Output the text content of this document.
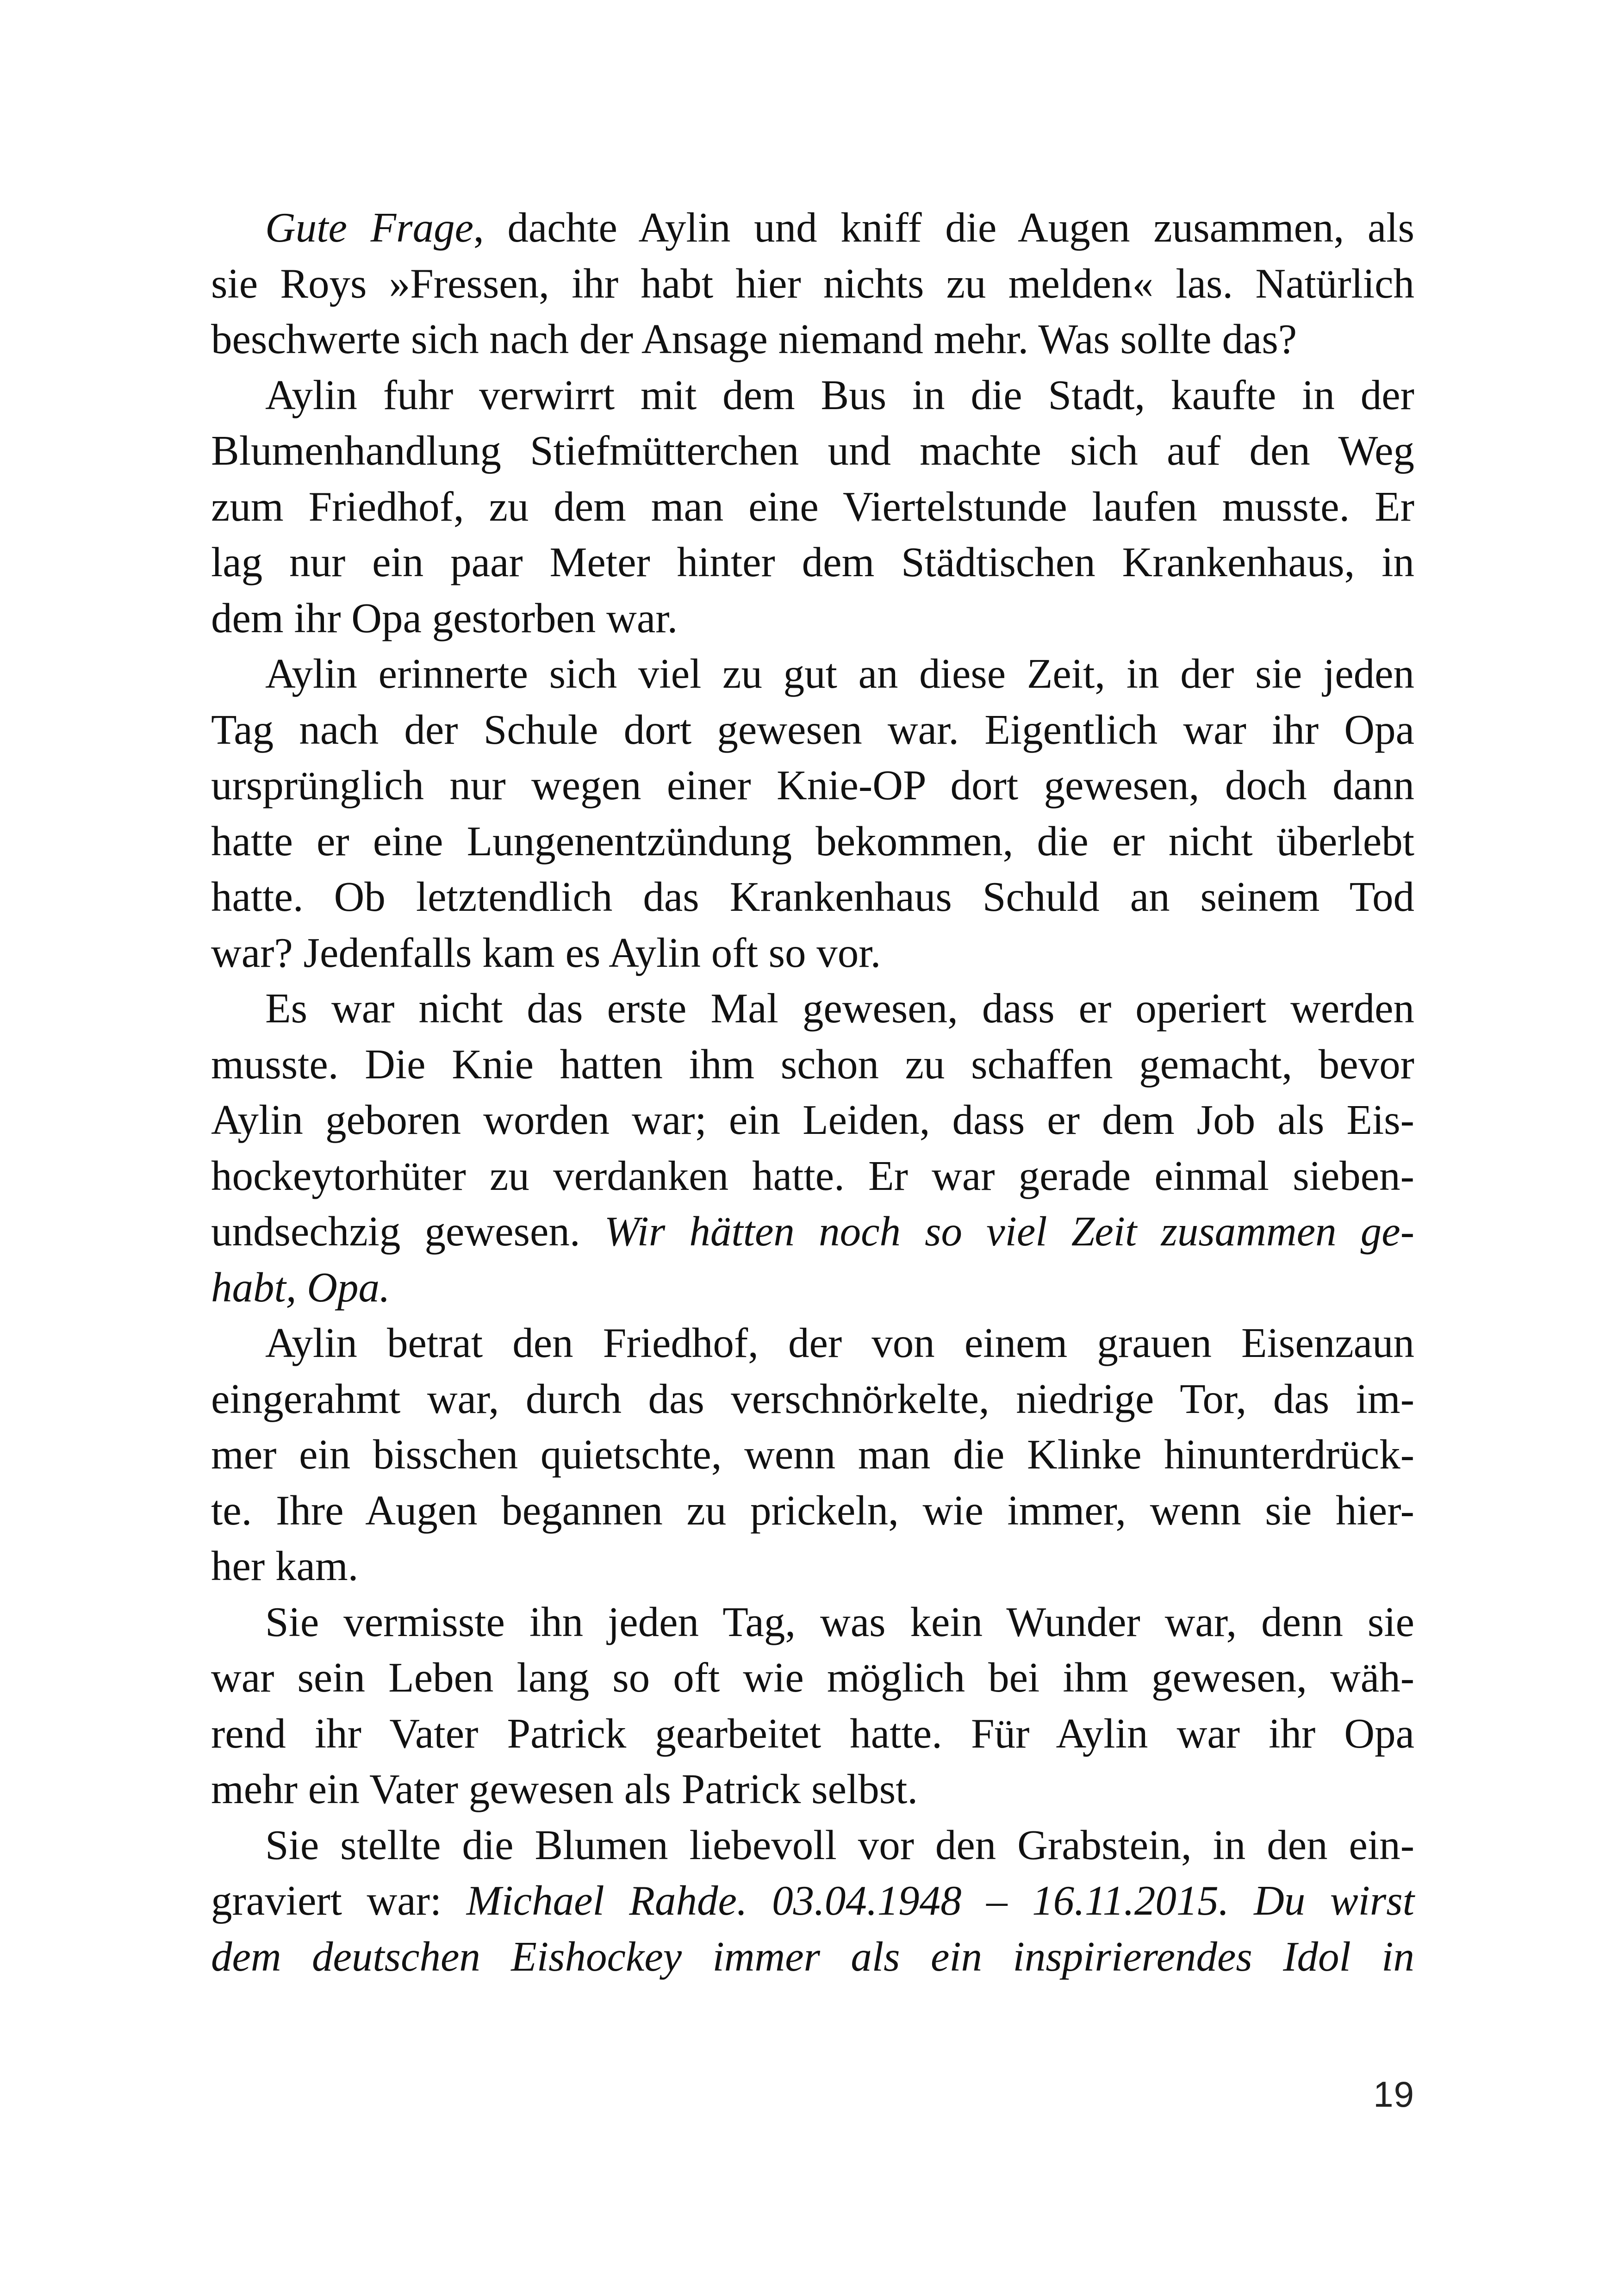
Gute Frage, dachte Aylin und kniff die Augen zusammen, als
sie Roys »Fressen, ihr habt hier nichts zu melden« las. Natürlich
beschwerte sich nach der Ansage niemand mehr. Was sollte das?
Aylin fuhr verwirrt mit dem Bus in die Stadt, kaufte in der
Blumenhandlung Stiefmütterchen und machte sich auf den Weg
zum Friedhof, zu dem man eine Viertelstunde laufen musste. Er
lag nur ein paar Meter hinter dem Städtischen Krankenhaus, in
dem ihr Opa gestorben war.
Aylin erinnerte sich viel zu gut an diese Zeit, in der sie jeden
Tag nach der Schule dort gewesen war. Eigentlich war ihr Opa
ursprünglich nur wegen einer Knie-OP dort gewesen, doch dann
hatte er eine Lungenentzündung bekommen, die er nicht überlebt
hatte. Ob letztendlich das Krankenhaus Schuld an seinem Tod
war? Jedenfalls kam es Aylin oft so vor.
Es war nicht das erste Mal gewesen, dass er operiert werden
musste. Die Knie hatten ihm schon zu schaffen gemacht, bevor
Aylin geboren worden war; ein Leiden, dass er dem Job als Eis-
hockeytorhüter zu verdanken hatte. Er war gerade einmal sieben-
undsechzig gewesen. Wir hätten noch so viel Zeit zusammen ge-
habt, Opa.
Aylin betrat den Friedhof, der von einem grauen Eisenzaun
eingerahmt war, durch das verschnörkelte, niedrige Tor, das im-
mer ein bisschen quietschte, wenn man die Klinke hinunterdrück-
te. Ihre Augen begannen zu prickeln, wie immer, wenn sie hier-
her kam.
Sie vermisste ihn jeden Tag, was kein Wunder war, denn sie
war sein Leben lang so oft wie möglich bei ihm gewesen, wäh-
rend ihr Vater Patrick gearbeitet hatte. Für Aylin war ihr Opa
mehr ein Vater gewesen als Patrick selbst.
Sie stellte die Blumen liebevoll vor den Grabstein, in den ein-
graviert war: Michael Rahde. 03.04.1948 – 16.11.2015. Du wirst
dem deutschen Eishockey immer als ein inspirierendes Idol in
19
